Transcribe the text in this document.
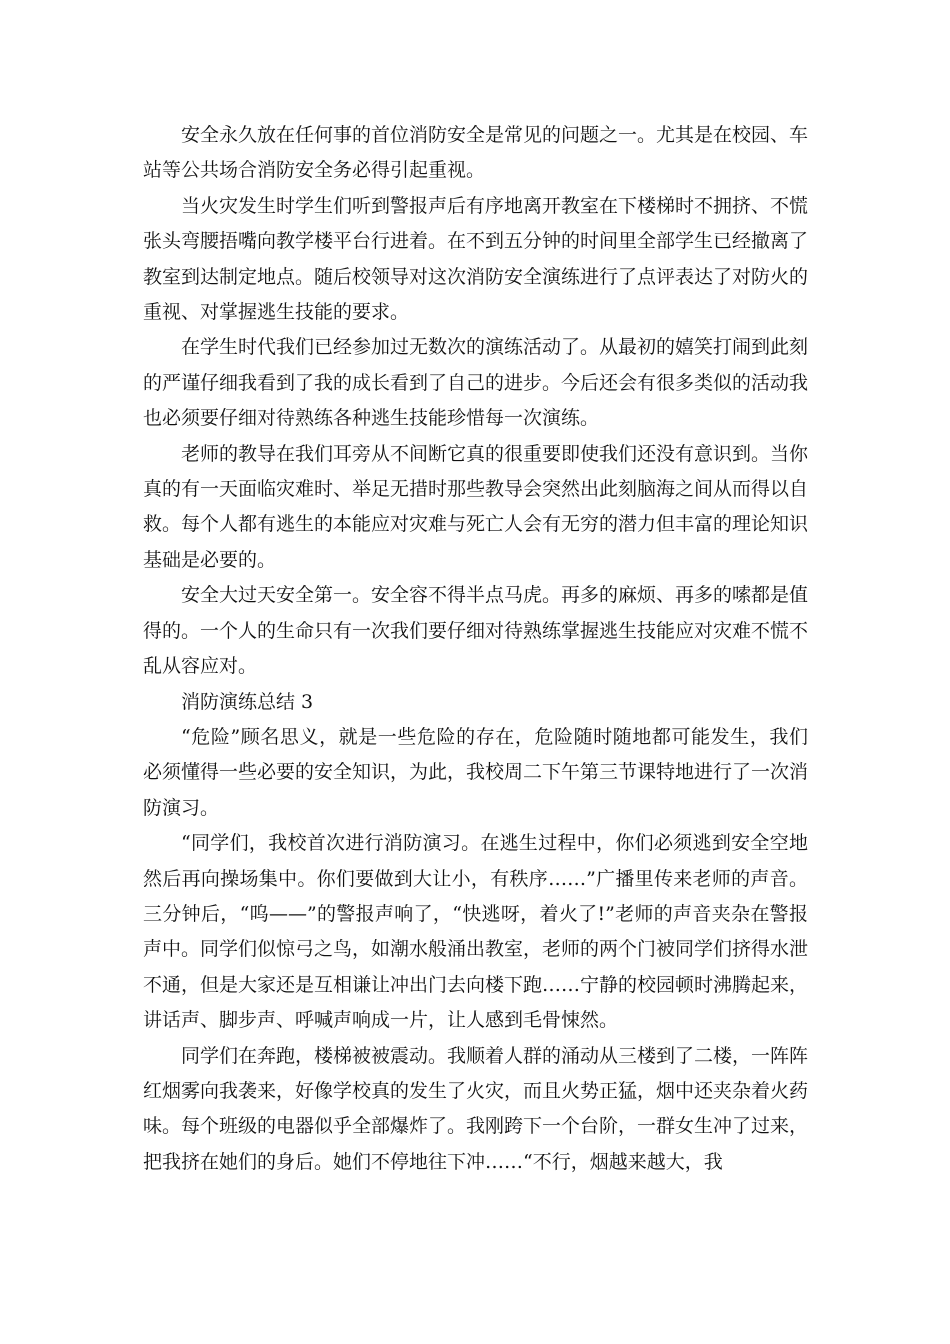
安全永久放在任何事的首位消防安全是常见的问题之一。尤其是在校园、车站等公共场合消防安全务必得引起重视。

当火灾发生时学生们听到警报声后有序地离开教室在下楼梯时不拥挤、不慌张头弯腰捂嘴向教学楼平台行进着。在不到五分钟的时间里全部学生已经撤离了教室到达制定地点。随后校领导对这次消防安全演练进行了点评表达了对防火的重视、对掌握逃生技能的要求。

在学生时代我们已经参加过无数次的演练活动了。从最初的嬉笑打闹到此刻的严谨仔细我看到了我的成长看到了自己的进步。今后还会有很多类似的活动我也必须要仔细对待熟练各种逃生技能珍惜每一次演练。

老师的教导在我们耳旁从不间断它真的很重要即使我们还没有意识到。当你真的有一天面临灾难时、举足无措时那些教导会突然出此刻脑海之间从而得以自救。每个人都有逃生的本能应对灾难与死亡人会有无穷的潜力但丰富的理论知识基础是必要的。

安全大过天安全第一。安全容不得半点马虎。再多的麻烦、再多的嗦都是值得的。一个人的生命只有一次我们要仔细对待熟练掌握逃生技能应对灾难不慌不乱从容应对。

消防演练总结 3

“危险”顾名思义，就是一些危险的存在，危险随时随地都可能发生，我们必须懂得一些必要的安全知识，为此，我校周二下午第三节课特地进行了一次消防演习。

“同学们，我校首次进行消防演习。在逃生过程中，你们必须逃到安全空地然后再向操场集中。你们要做到大让小，有秩序……”广播里传来老师的声音。三分钟后，“呜——”的警报声响了，“快逃呀，着火了!”老师的声音夹杂在警报声中。同学们似惊弓之鸟，如潮水般涌出教室，老师的两个门被同学们挤得水泄不通，但是大家还是互相谦让冲出门去向楼下跑……宁静的校园顿时沸腾起来，讲话声、脚步声、呼喊声响成一片，让人感到毛骨悚然。

同学们在奔跑，楼梯被被震动。我顺着人群的涌动从三楼到了二楼，一阵阵红烟雾向我袭来，好像学校真的发生了火灾，而且火势正猛，烟中还夹杂着火药味。每个班级的电器似乎全部爆炸了。我刚跨下一个台阶，一群女生冲了过来，把我挤在她们的身后。她们不停地往下冲……“不行，烟越来越大，我
